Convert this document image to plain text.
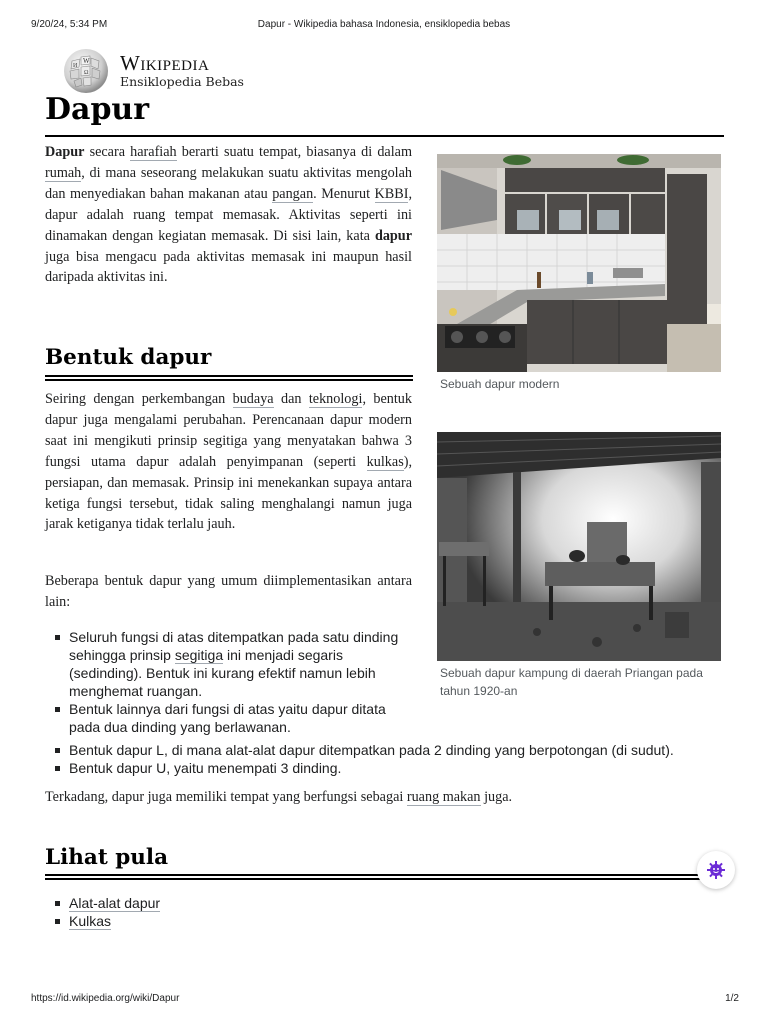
9/20/24, 5:34 PM	Dapur - Wikipedia bahasa Indonesia, ensiklopedia bebas
W
Ω
И Wikipedia
Ensiklopedia Bebas
Dapur

Dapur secara harafiah berarti suatu tempat, biasanya di dalam rumah, di mana seseorang melakukan suatu aktivitas mengolah dan menyediakan bahan makanan atau pangan. Menurut KBBI, dapur adalah ruang tempat memasak. Aktivitas seperti ini dinamakan dengan kegiatan memasak. Di sisi lain, kata dapur juga bisa mengacu pada aktivitas memasak ini maupun hasil daripada aktivitas ini.

Sebuah dapur modern
Bentuk dapur

Seiring dengan perkembangan budaya dan teknologi, bentuk dapur juga mengalami perubahan. Perencanaan dapur modern saat ini mengikuti prinsip segitiga yang menyatakan bahwa 3 fungsi utama dapur adalah penyimpanan (seperti kulkas), persiapan, dan memasak. Prinsip ini menekankan supaya antara ketiga fungsi tersebut, tidak saling menghalangi namun juga jarak ketiganya tidak terlalu jauh.

Beberapa bentuk dapur yang umum diimplementasikan antara lain:

Sebuah dapur kampung di daerah Priangan pada tahun 1920-an
Seluruh fungsi di atas ditempatkan pada satu dinding sehingga prinsip segitiga ini menjadi segaris (sedinding). Bentuk ini kurang efektif namun lebih menghemat ruangan.
Bentuk lainnya dari fungsi di atas yaitu dapur ditata pada dua dinding yang berlawanan.
Bentuk dapur L, di mana alat-alat dapur ditempatkan pada 2 dinding yang berpotongan (di sudut).
Bentuk dapur U, yaitu menempati 3 dinding.

Terkadang, dapur juga memiliki tempat yang berfungsi sebagai ruang makan juga.

Lihat pula
Alat-alat dapur
Kulkas
https://id.wikipedia.org/wiki/Dapur	1/2
